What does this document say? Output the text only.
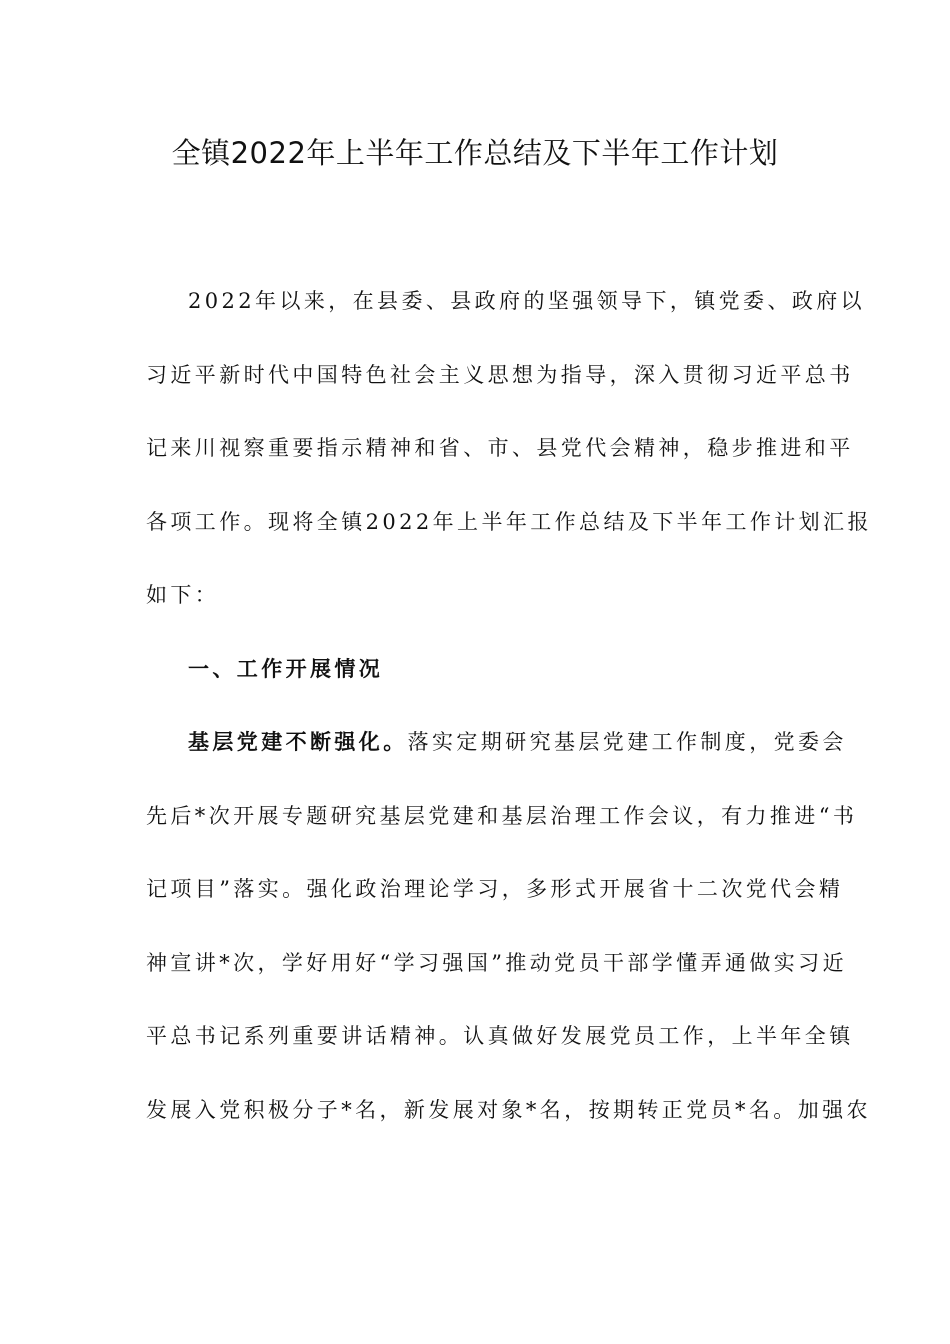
全镇2022年上半年工作总结及下半年工作计划
2022年以来，在县委、县政府的坚强领导下，镇党委、政府以
习近平新时代中国特色社会主义思想为指导，深入贯彻习近平总书
记来川视察重要指示精神和省、市、县党代会精神，稳步推进和平
各项工作。现将全镇2022年上半年工作总结及下半年工作计划汇报
如下：
一、工作开展情况
基层党建不断强化。落实定期研究基层党建工作制度，党委会
先后*次开展专题研究基层党建和基层治理工作会议，有力推进“书
记项目”落实。强化政治理论学习，多形式开展省十二次党代会精
神宣讲*次，学好用好“学习强国”推动党员干部学懂弄通做实习近
平总书记系列重要讲话精神。认真做好发展党员工作，上半年全镇
发展入党积极分子*名，新发展对象*名，按期转正党员*名。加强农
